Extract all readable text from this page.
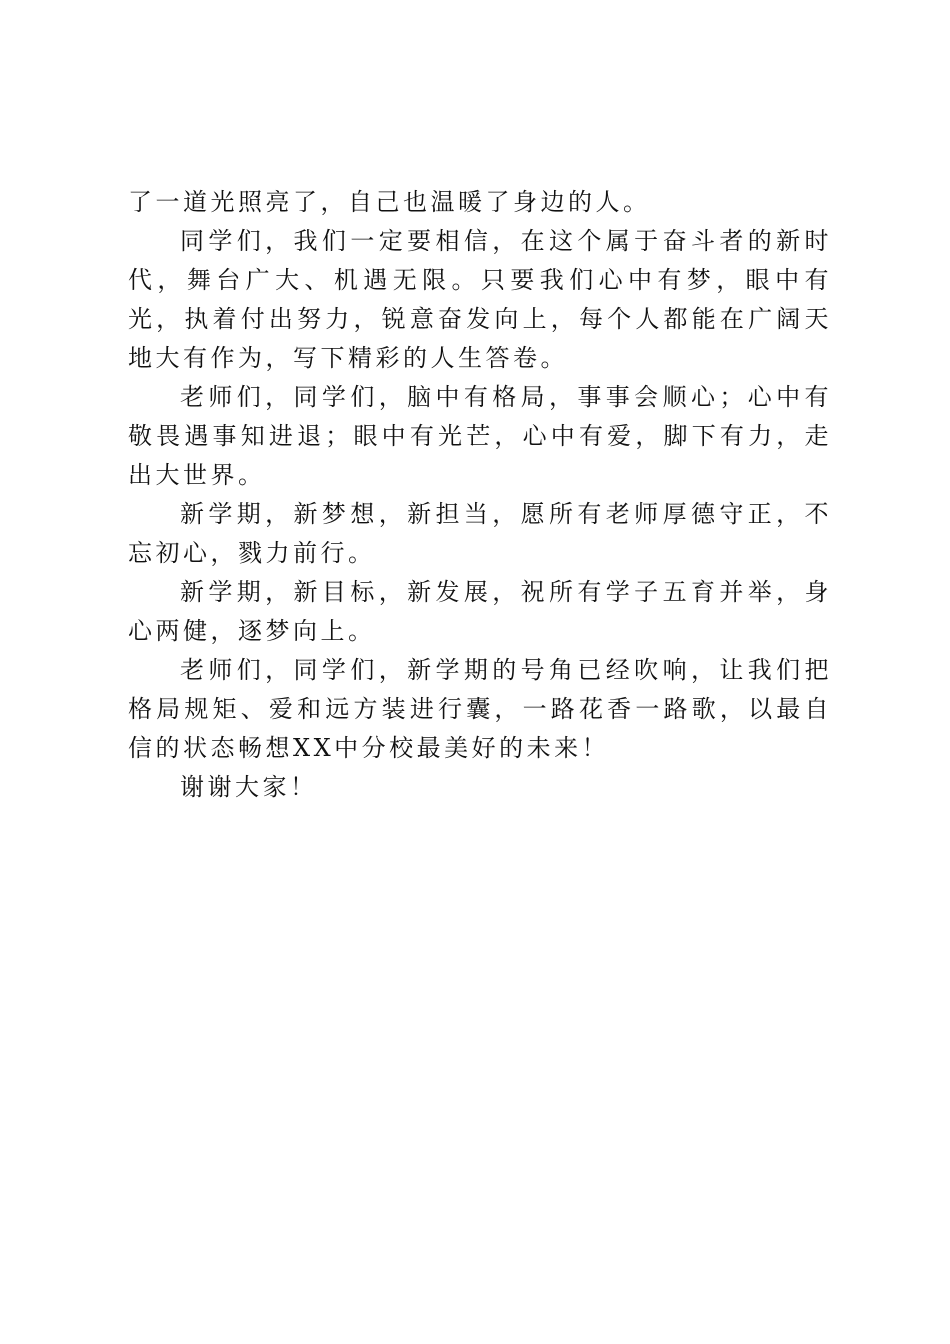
了一道光照亮了，自己也温暖了身边的人。

同学们，我们一定要相信，在这个属于奋斗者的新时代，舞台广大、机遇无限。只要我们心中有梦，眼中有光，执着付出努力，锐意奋发向上，每个人都能在广阔天地大有作为，写下精彩的人生答卷。

老师们，同学们，脑中有格局，事事会顺心；心中有敬畏遇事知进退；眼中有光芒，心中有爱，脚下有力，走出大世界。

新学期，新梦想，新担当，愿所有老师厚德守正，不忘初心，戮力前行。

新学期，新目标，新发展，祝所有学子五育并举，身心两健，逐梦向上。

老师们，同学们，新学期的号角已经吹响，让我们把格局规矩、爱和远方装进行囊，一路花香一路歌，以最自信的状态畅想XX中分校最美好的未来！

谢谢大家！
